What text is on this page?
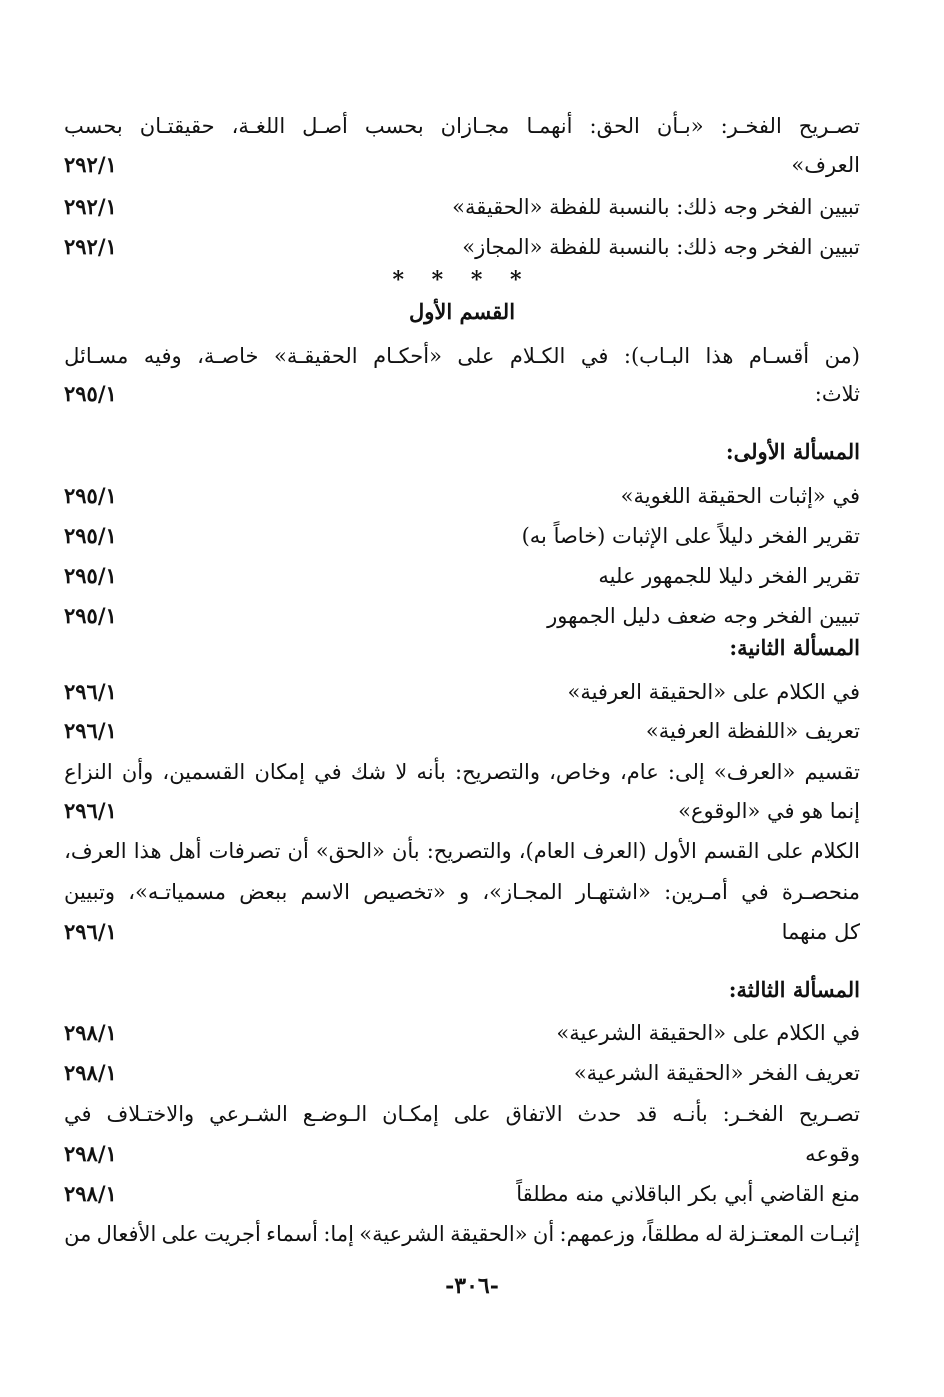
تصـريح
الفخـر:
«بـأن
الحق:
أنهمـا
مجـازان
بحسب
أصـل
اللغـة،
حقيقتـان
بحسب
العرف»
٢٩٢/١
تبيين الفخر وجه ذلك: بالنسبة للفظة «الحقيقة»
٢٩٢/١
تبيين الفخر وجه ذلك: بالنسبة للفظة «المجاز»
٢٩٢/١
* * * *
القسم الأول
(من
أقسـام
هذا
البـاب):
في
الكـلام
على
«أحكـام
الحقيقـة»
خاصـة،
وفيه
مسـائل
ثلاث:
٢٩٥/١
المسألة الأولى:
في «إثبات الحقيقة اللغوية»
٢٩٥/١
تقرير الفخر دليلاً على الإثبات (خاصاً به)
٢٩٥/١
تقرير الفخر دليلا للجمهور عليه
٢٩٥/١
تبيين الفخر وجه ضعف دليل الجمهور
٢٩٥/١
المسألة الثانية:
في الكلام على «الحقيقة العرفية»
٢٩٦/١
تعريف «اللفظة العرفية»
٢٩٦/١
تقسيم
«العرف»
إلى:
عام،
وخاص،
والتصريح:
بأنه
لا
شك
في
إمكان
القسمين،
وأن
النزاع
إنما هو في «الوقوع»
٢٩٦/١
الكلام
على
القسم
الأول
(العرف
العام)،
والتصريح:
بأن
«الحق»
أن
تصرفات
أهل
هذا
العرف،
منحصـرة
في
أمـرين:
«اشتهـار
المجـاز»،
و
«تخصيص
الاسم
ببعض
مسمياتـه»،
وتبيين
كل منهما
٢٩٦/١
المسألة الثالثة:
في الكلام على «الحقيقة الشرعية»
٢٩٨/١
تعريف الفخر «الحقيقة الشرعية»
٢٩٨/١
تصـريح
الفخـر:
بأنـه
قد
حدث
الاتفاق
على
إمكـان
الـوضـع
الشـرعي
والاختـلاف
في
وقوعه
٢٩٨/١
منع القاضي أبي بكر الباقلاني منه مطلقاً
٢٩٨/١
إثبـات
المعتـزلة
له
مطلقاً،
وزعمهم:
أن
«الحقيقة
الشرعية»
إما:
أسماء
أجريت
على
الأفعال
من
-٣٠٦-
